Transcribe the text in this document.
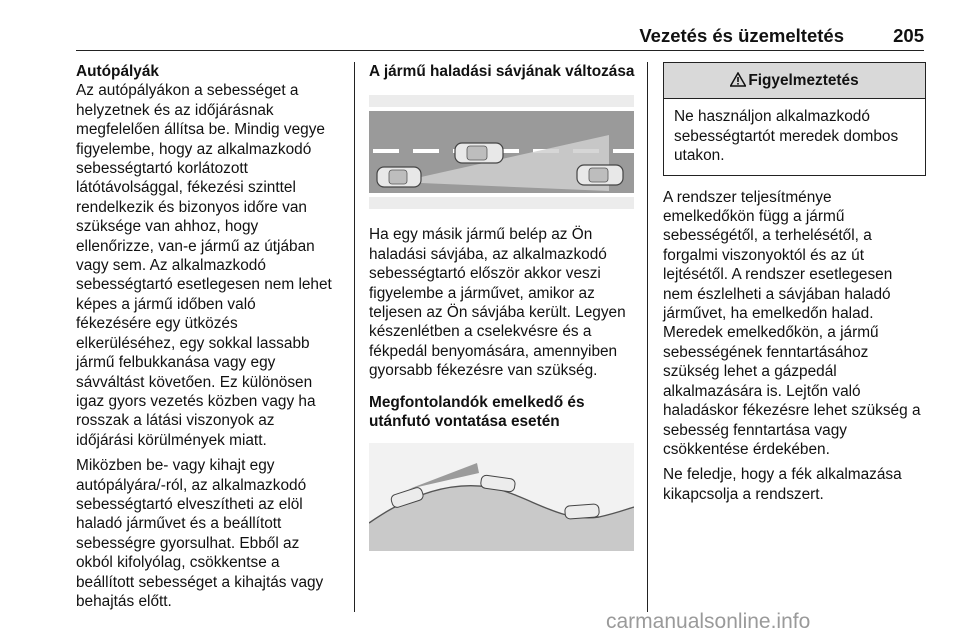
Vezetés és üzemeltetés	205
Autópályák
Az autópályákon a sebességet a
helyzetnek és az időjárásnak
megfelelően állítsa be. Mindig vegye
figyelembe, hogy az alkalmazkodó
sebességtartó korlátozott
látótávolsággal, fékezési szinttel
rendelkezik és bizonyos időre van
szüksége van ahhoz, hogy
ellenőrizze, van-e jármű az útjában
vagy sem. Az alkalmazkodó
sebességtartó esetlegesen nem lehet
képes a jármű időben való
fékezésére egy ütközés
elkerüléséhez, egy sokkal lassabb
jármű felbukkanása vagy egy
sávváltást követően. Ez különösen
igaz gyors vezetés közben vagy ha
rosszak a látási viszonyok az
időjárási körülmények miatt.
Miközben be- vagy kihajt egy
autópályára/-ról, az alkalmazkodó
sebességtartó elveszítheti az elöl
haladó járművet és a beállított
sebességre gyorsulhat. Ebből az
okból kifolyólag, csökkentse a
beállított sebességet a kihajtás vagy
behajtás előtt.
A jármű haladási sávjának változása
Ha egy másik jármű belép az Ön
haladási sávjába, az alkalmazkodó
sebességtartó először akkor veszi
figyelembe a járművet, amikor az
teljesen az Ön sávjába került. Legyen
készenlétben a cselekvésre és a
fékpedál benyomására, amennyiben
gyorsabb fékezésre van szükség.
Megfontolandók emelkedő és
utánfutó vontatása esetén
Figyelmeztetés
Ne használjon alkalmazkodó
sebességtartót meredek dombos
utakon.
A rendszer teljesítménye
emelkedőkön függ a jármű
sebességétől, a terhelésétől, a
forgalmi viszonyoktól és az út
lejtésétől. A rendszer esetlegesen
nem észlelheti a sávjában haladó
járművet, ha emelkedőn halad.
Meredek emelkedőkön, a jármű
sebességének fenntartásához
szükség lehet a gázpedál
alkalmazására is. Lejtőn való
haladáskor fékezésre lehet szükség a
sebesség fenntartása vagy
csökkentése érdekében.
Ne feledje, hogy a fék alkalmazása
kikapcsolja a rendszert.
carmanualsonline.info
